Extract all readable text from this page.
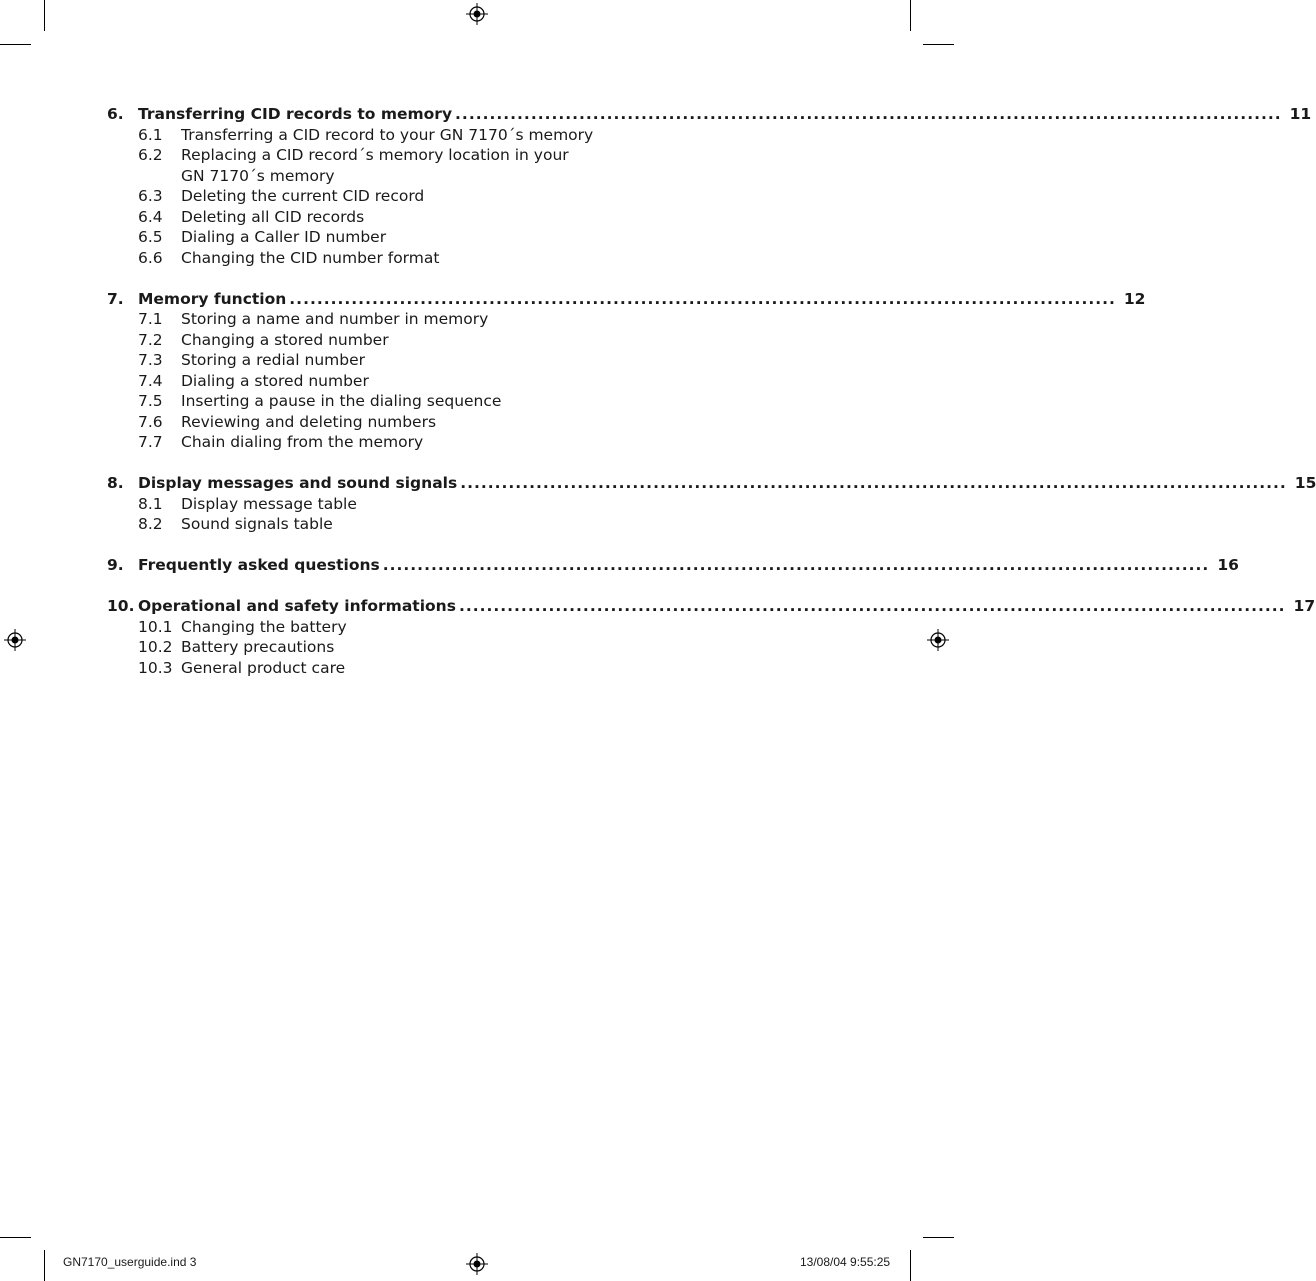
6. Transferring CID records to memory ........................................................................................................................ 11
6.1	Transferring a CID record to your GN 7170´s memory
6.2	Replacing a CID record´s memory location in your
GN 7170´s memory
6.3	Deleting the current CID record
6.4	Deleting all CID records
6.5	Dialing a Caller ID number
6.6	Changing the CID number format
7. Memory function ........................................................................................................................ 12
7.1	Storing a name and number in memory
7.2	Changing a stored number
7.3	Storing a redial number
7.4	Dialing a stored number
7.5	Inserting a pause in the dialing sequence
7.6	Reviewing and deleting numbers
7.7	Chain dialing from the memory
8. Display messages and sound signals ........................................................................................................................ 15
8.1	Display message table
8.2	Sound signals table
9. Frequently asked questions ........................................................................................................................ 16
10. Operational and safety informations ........................................................................................................................ 17
10.1 Changing the battery
10.2 Battery precautions
10.3 General product care
GN7170_userguide.ind 3	13/08/04 9:55:25
